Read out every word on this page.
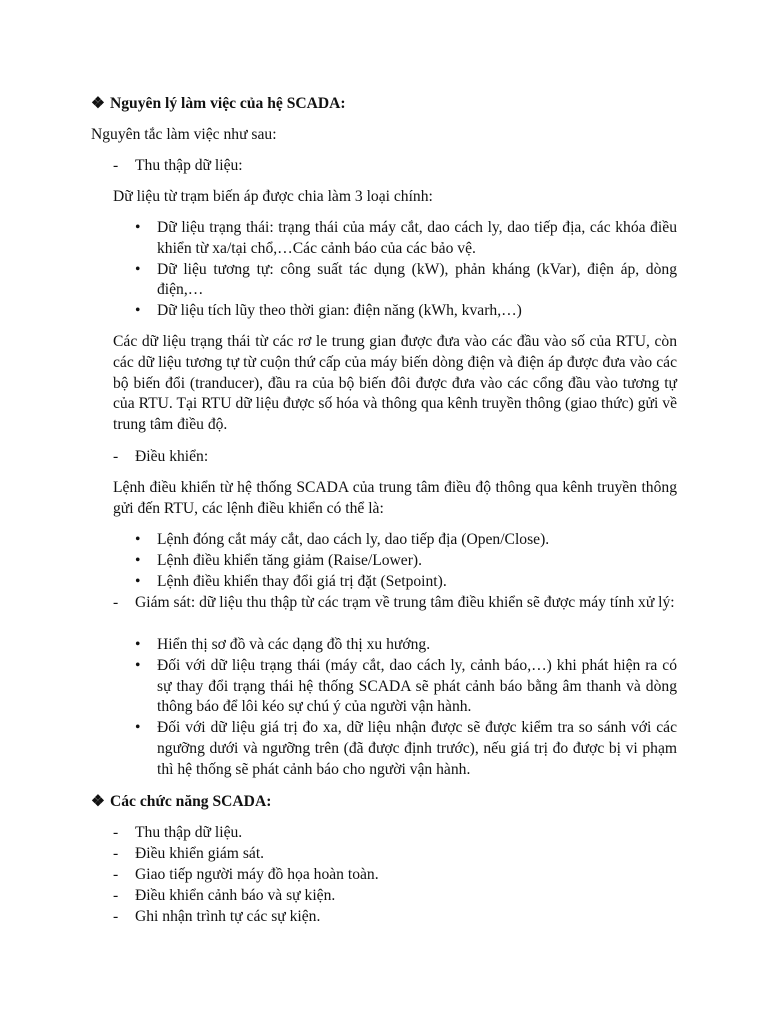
❖ Nguyên lý làm việc của hệ SCADA:
Nguyên tắc làm việc như sau:
-	Thu thập dữ liệu:
Dữ liệu từ trạm biến áp được chia làm 3 loại chính:
• Dữ liệu trạng thái: trạng thái của máy cắt, dao cách ly, dao tiếp địa, các khóa điều khiển từ xa/tại chổ,…Các cảnh báo của các bảo vệ.
• Dữ liệu tương tự: công suất tác dụng (kW), phản kháng (kVar), điện áp, dòng điện,…
• Dữ liệu tích lũy theo thời gian: điện năng (kWh, kvarh,…)
Các dữ liệu trạng thái từ các rơ le trung gian được đưa vào các đầu vào số của RTU, còn các dữ liệu tương tự từ cuộn thứ cấp của máy biến dòng điện và điện áp được đưa vào các bộ biến đổi (tranducer), đầu ra của bộ biến đôi được đưa vào các cổng đầu vào tương tự của RTU. Tại RTU dữ liệu được số hóa và thông qua kênh truyền thông (giao thức) gửi về trung tâm điều độ.
-	Điều khiển:
Lệnh điều khiển từ hệ thống SCADA của trung tâm điều độ thông qua kênh truyền thông gửi đến RTU, các lệnh điều khiển có thể là:
• Lệnh đóng cắt máy cắt, dao cách ly, dao tiếp địa (Open/Close).
• Lệnh điều khiển tăng giảm (Raise/Lower).
• Lệnh điều khiển thay đổi giá trị đặt (Setpoint).
- Giám sát: dữ liệu thu thập từ các trạm về trung tâm điều khiển sẽ được máy tính xử lý:
• Hiển thị sơ đồ và các dạng đồ thị xu hướng.
• Đối với dữ liệu trạng thái (máy cắt, dao cách ly, cảnh báo,…) khi phát hiện ra có sự thay đổi trạng thái hệ thống SCADA sẽ phát cảnh báo bằng âm thanh và dòng thông báo để lôi kéo sự chú ý của người vận hành.
• Đối với dữ liệu giá trị đo xa, dữ liệu nhận được sẽ được kiểm tra so sánh với các ngưỡng dưới và ngưỡng trên (đã được định trước), nếu giá trị đo được bị vi phạm thì hệ thống sẽ phát cảnh báo cho người vận hành.
❖ Các chức năng SCADA:
-	Thu thập dữ liệu.
-	Điều khiển giám sát.
-	Giao tiếp người máy đồ họa hoàn toàn.
-	Điều khiển cảnh báo và sự kiện.
-	Ghi nhận trình tự các sự kiện.
